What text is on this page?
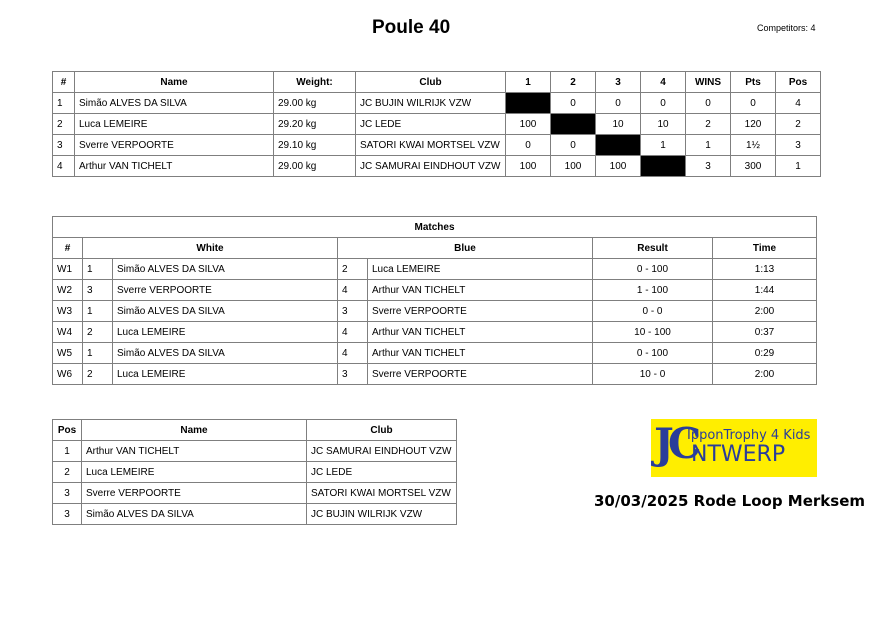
Poule 40	Competitors: 4
#	Name	Weight:	Club	1	2	3	4	WINS	Pts	Pos
1	Simão ALVES DA SILVA	29.00 kg	JC BUJIN WILRIJK VZW		0	0	0	0	0	4
2	Luca LEMEIRE	29.20 kg	JC LEDE	100		10	10	2	120	2
3	Sverre VERPOORTE	29.10 kg	SATORI KWAI MORTSEL VZW	0	0		1	1	1½	3
4	Arthur VAN TICHELT	29.00 kg	JC SAMURAI EINDHOUT VZW	100	100	100		3	300	1
Matches						
#	White		Blue		Result	Time
W1	1	Simão ALVES DA SILVA	2	Luca LEMEIRE	0 - 100	1:13
W2	3	Sverre VERPOORTE	4	Arthur VAN TICHELT	1 - 100	1:44
W3	1	Simão ALVES DA SILVA	3	Sverre VERPOORTE	0 - 0	2:00
W4	2	Luca LEMEIRE	4	Arthur VAN TICHELT	10 - 100	0:37
W5	1	Simão ALVES DA SILVA	4	Arthur VAN TICHELT	0 - 100	0:29
W6	2	Luca LEMEIRE	3	Sverre VERPOORTE	10 - 0	2:00
Pos	Name	Club
1	Arthur VAN TICHELT	JC SAMURAI EINDHOUT VZW
2	Luca LEMEIRE	JC LEDE
3	Sverre VERPOORTE	SATORI KWAI MORTSEL VZW
3	Simão ALVES DA SILVA	JC BUJIN WILRIJK VZW
JC
IpponTrophy 4 Kids
NTWERP
30/03/2025 Rode Loop Merksem
